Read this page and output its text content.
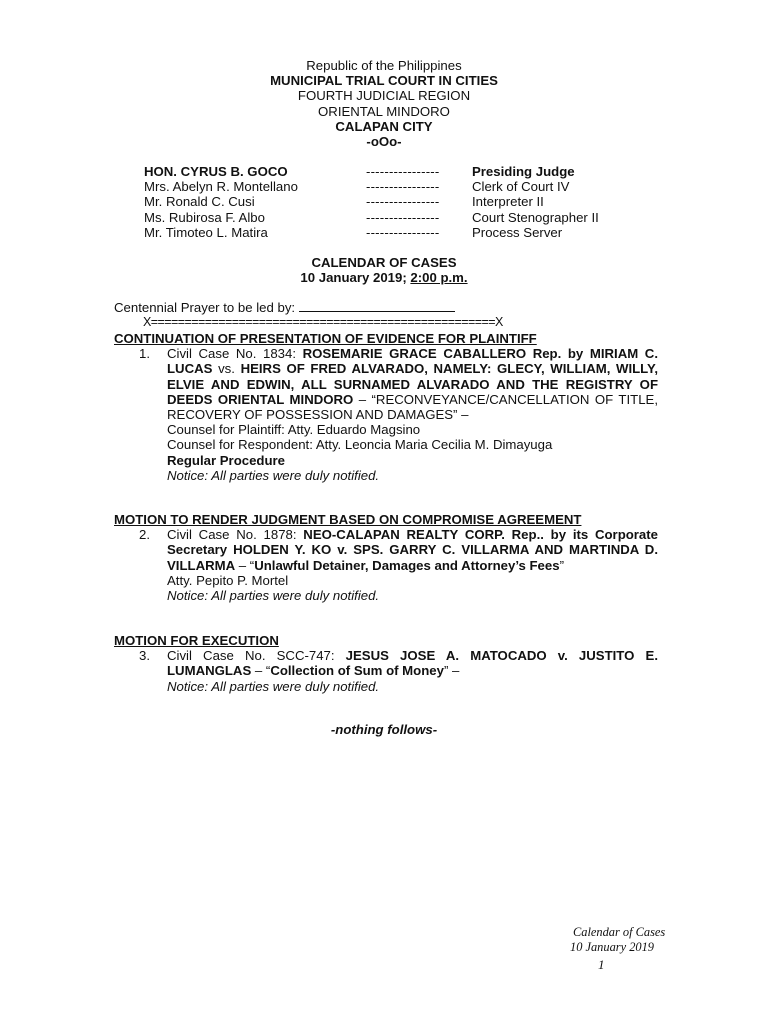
Republic of the Philippines
MUNICIPAL TRIAL COURT IN CITIES
FOURTH JUDICIAL REGION
ORIENTAL MINDORO
CALAPAN CITY
-oOo-
HON. CYRUS B. GOCO	----------------	Presiding Judge
Mrs. Abelyn R. Montellano	----------------	Clerk of Court IV
Mr. Ronald C. Cusi	----------------	Interpreter II
Ms. Rubirosa F. Albo	----------------	Court Stenographer II
Mr. Timoteo L. Matira	----------------	Process Server
CALENDAR OF CASES
10 January 2019; 2:00 p.m.
Centennial Prayer to be led by:
X===================================================X
CONTINUATION OF PRESENTATION OF EVIDENCE FOR PLAINTIFF
1. Civil Case No. 1834: ROSEMARIE GRACE CABALLERO Rep. by MIRIAM C. LUCAS vs. HEIRS OF FRED ALVARADO, NAMELY: GLECY, WILLIAM, WILLY, ELVIE AND EDWIN, ALL SURNAMED ALVARADO AND THE REGISTRY OF DEEDS ORIENTAL MINDORO – “RECONVEYANCE/CANCELLATION OF TITLE, RECOVERY OF POSSESSION AND DAMAGES” –
Counsel for Plaintiff: Atty. Eduardo Magsino
Counsel for Respondent: Atty. Leoncia Maria Cecilia M. Dimayuga
Regular Procedure
Notice: All parties were duly notified.
MOTION TO RENDER JUDGMENT BASED ON COMPROMISE AGREEMENT
2. Civil Case No. 1878: NEO-CALAPAN REALTY CORP. Rep.. by its Corporate Secretary HOLDEN Y. KO v. SPS. GARRY C. VILLARMA AND MARTINDA D. VILLARMA – “Unlawful Detainer, Damages and Attorney’s Fees”
Atty. Pepito P. Mortel
Notice: All parties were duly notified.
MOTION FOR EXECUTION
3. Civil Case No. SCC-747: JESUS JOSE A. MATOCADO v. JUSTITO E. LUMANGLAS – “Collection of Sum of Money” –
Notice: All parties were duly notified.
-nothing follows-
Calendar of Cases
10 January 2019
1
